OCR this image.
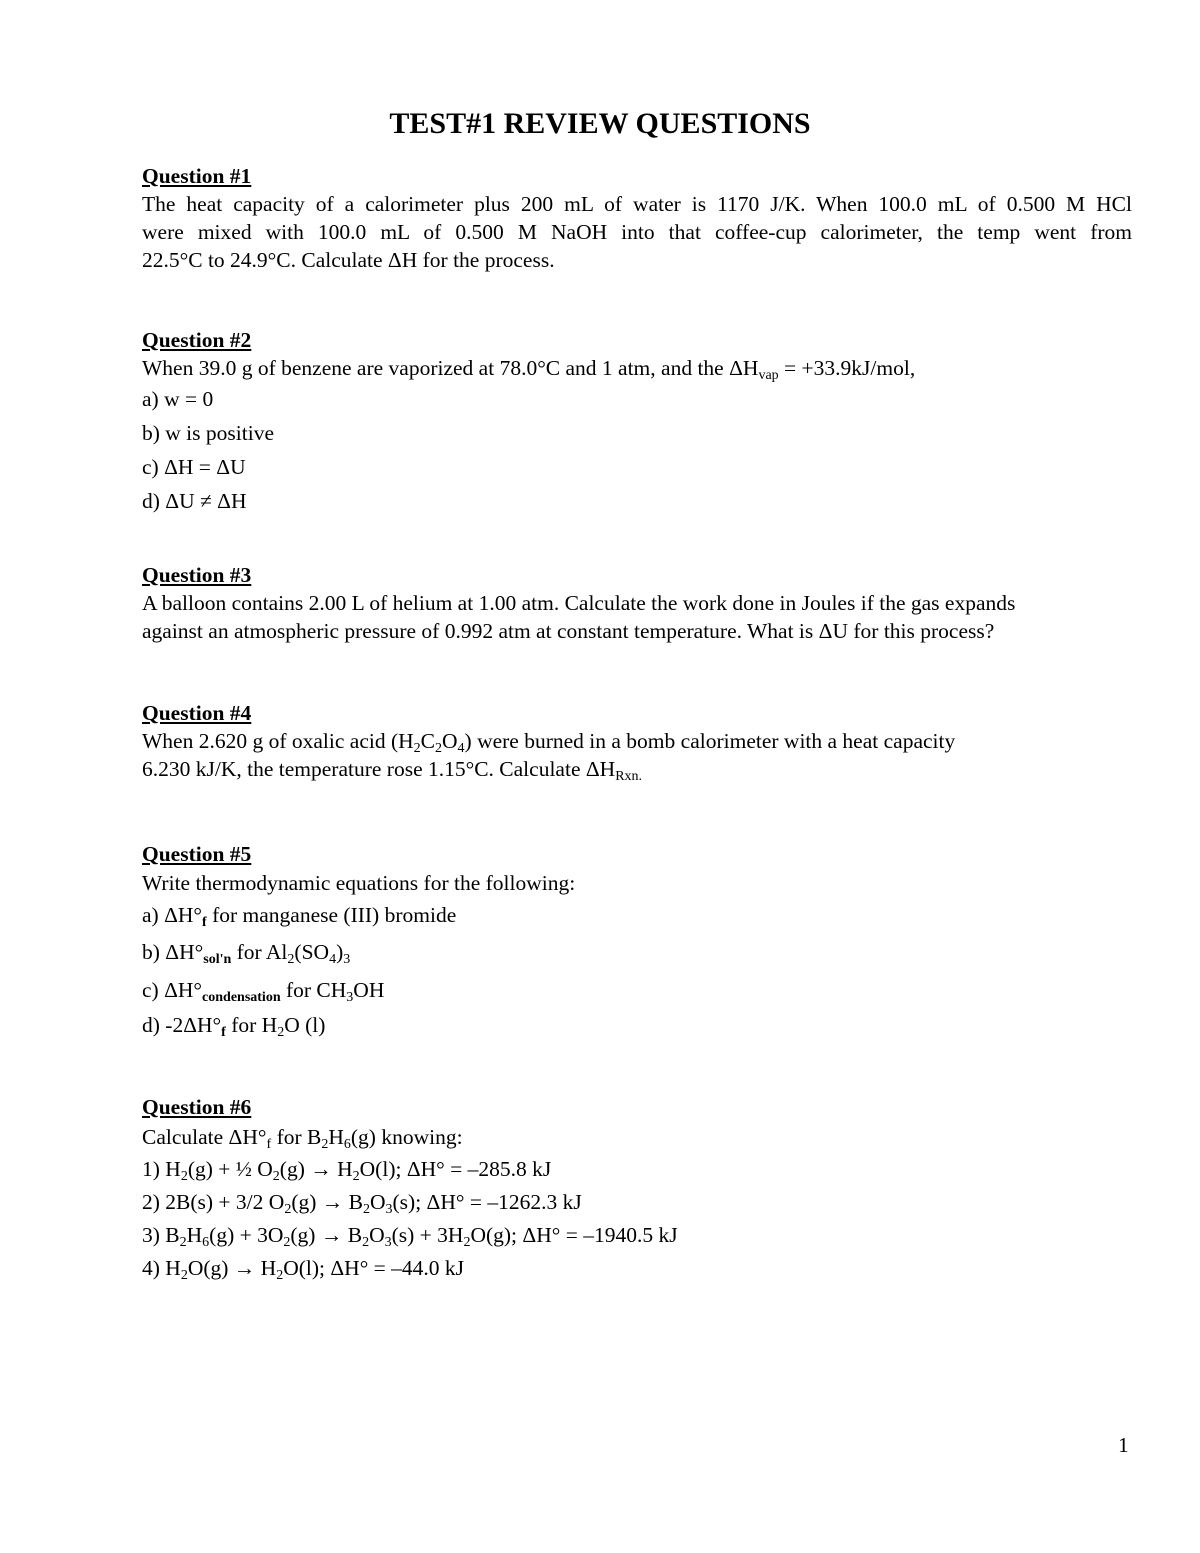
TEST#1 REVIEW QUESTIONS
Question #1
The heat capacity of a calorimeter plus 200 mL of water is 1170 J/K. When 100.0 mL of 0.500 M HCl
were mixed with 100.0 mL of 0.500 M NaOH into that coffee-cup calorimeter, the temp went from
22.5°C to 24.9°C. Calculate ΔH for the process.
Question #2
When 39.0 g of benzene are vaporized at 78.0°C and 1 atm, and the $\Delta H_{vap} = +33.9kJ/mol$,
a) w = 0
b) w is positive
c) ΔH = ΔU
d) ΔU ≠ ΔH
Question #3
A balloon contains 2.00 L of helium at 1.00 atm. Calculate the work done in Joules if the gas expands
against an atmospheric pressure of 0.992 atm at constant temperature. What is ΔU for this process?
Question #4
When 2.620 g of oxalic acid $(H_2C_2O_4)$ were burned in a bomb calorimeter with a heat capacity
6.230 kJ/K, the temperature rose 1.15°C. Calculate $\Delta H_{Rxn.}$
Question #5
Write thermodynamic equations for the following:
a) $\Delta H^\circ_f$ for manganese (III) bromide
b) $\Delta H^\circ_{sol'n}$ for $Al_2(SO_4)_3$
c) $\Delta H^\circ_{condensation}$ for $CH_3OH$
d) $-2\Delta H^\circ_f$ for $H_2O$ (l)
Question #6
Calculate $\Delta H^\circ_f$ for $B_2H_6(g)$ knowing:
1) $H_2(g)$ + ½ $O_2(g) \to H_2O(l)$; ΔH° = –285.8 kJ
2) 2B(s) + 3/2 $O_2(g) \to B_2O_3(s)$; ΔH° = –1262.3 kJ
3) $B_2H_6(g) + 3O_2(g) \to B_2O_3(s) + 3H_2O(g)$; ΔH° = –1940.5 kJ
4) $H_2O(g) \to H_2O(l)$; ΔH° = –44.0 kJ
1
